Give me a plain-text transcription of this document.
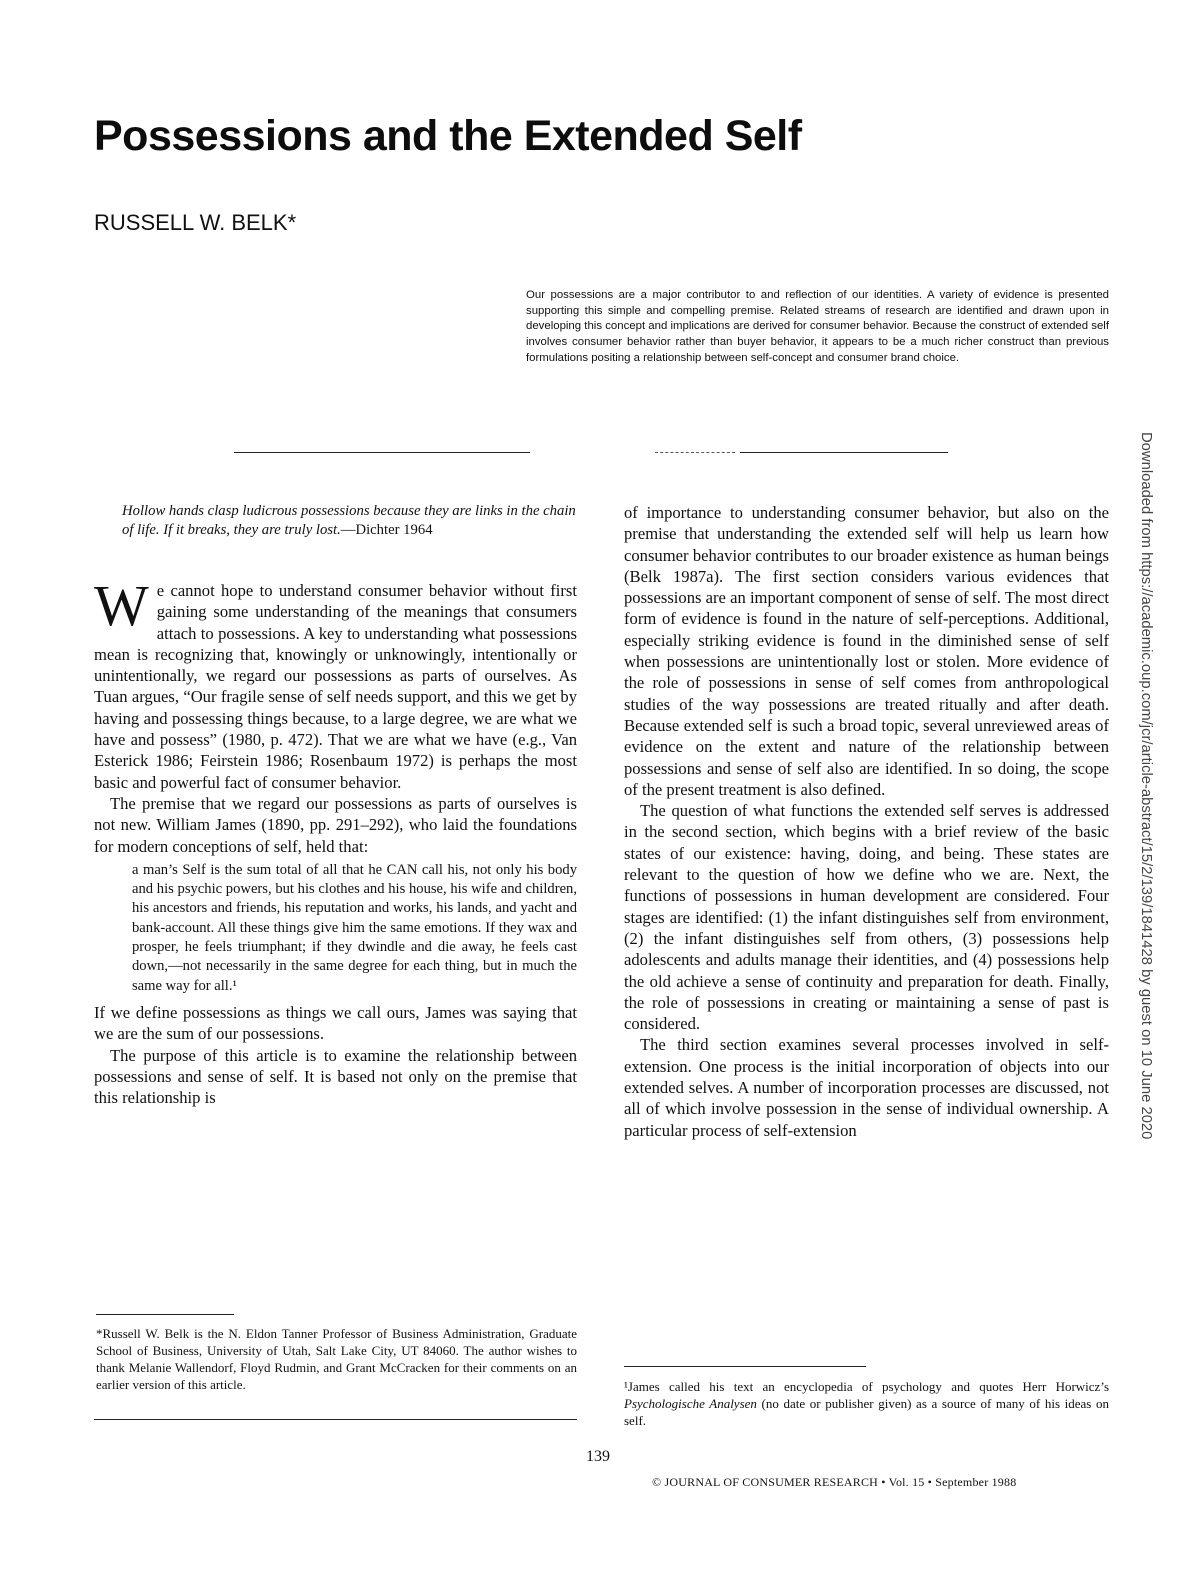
Possessions and the Extended Self
RUSSELL W. BELK*

Our possessions are a major contributor to and reflection of our identities. A variety of evidence is presented supporting this simple and compelling premise. Related streams of research are identified and drawn upon in developing this concept and implications are derived for consumer behavior. Because the construct of extended self involves consumer behavior rather than buyer behavior, it appears to be a much richer construct than previous formulations positing a relationship between self-concept and consumer brand choice.

Hollow hands clasp ludicrous possessions because they are links in the chain of life. If it breaks, they are truly lost.—Dichter 1964

We cannot hope to understand consumer behavior without first gaining some understanding of the meanings that consumers attach to possessions. A key to understanding what possessions mean is recognizing that, knowingly or unknowingly, intentionally or unintentionally, we regard our possessions as parts of ourselves. As Tuan argues, “Our fragile sense of self needs support, and this we get by having and possessing things because, to a large degree, we are what we have and possess” (1980, p. 472). That we are what we have (e.g., Van Esterick 1986; Feirstein 1986; Rosenbaum 1972) is perhaps the most basic and powerful fact of consumer behavior.

The premise that we regard our possessions as parts of ourselves is not new. William James (1890, pp. 291–292), who laid the foundations for modern conceptions of self, held that:

a man’s Self is the sum total of all that he CAN call his, not only his body and his psychic powers, but his clothes and his house, his wife and children, his ancestors and friends, his reputation and works, his lands, and yacht and bank-account. All these things give him the same emotions. If they wax and prosper, he feels triumphant; if they dwindle and die away, he feels cast down,—not necessarily in the same degree for each thing, but in much the same way for all.¹

If we define possessions as things we call ours, James was saying that we are the sum of our possessions.

The purpose of this article is to examine the relationship between possessions and sense of self. It is based not only on the premise that this relationship is

of importance to understanding consumer behavior, but also on the premise that understanding the extended self will help us learn how consumer behavior contributes to our broader existence as human beings (Belk 1987a). The first section considers various evidences that possessions are an important component of sense of self. The most direct form of evidence is found in the nature of self-perceptions. Additional, especially striking evidence is found in the diminished sense of self when possessions are unintentionally lost or stolen. More evidence of the role of possessions in sense of self comes from anthropological studies of the way possessions are treated ritually and after death. Because extended self is such a broad topic, several unreviewed areas of evidence on the extent and nature of the relationship between possessions and sense of self also are identified. In so doing, the scope of the present treatment is also defined.

The question of what functions the extended self serves is addressed in the second section, which begins with a brief review of the basic states of our existence: having, doing, and being. These states are relevant to the question of how we define who we are. Next, the functions of possessions in human development are considered. Four stages are identified: (1) the infant distinguishes self from environment, (2) the infant distinguishes self from others, (3) possessions help adolescents and adults manage their identities, and (4) possessions help the old achieve a sense of continuity and preparation for death. Finally, the role of possessions in creating or maintaining a sense of past is considered.

The third section examines several processes involved in self-extension. One process is the initial incorporation of objects into our extended selves. A number of incorporation processes are discussed, not all of which involve possession in the sense of individual ownership. A particular process of self-extension

*Russell W. Belk is the N. Eldon Tanner Professor of Business Administration, Graduate School of Business, University of Utah, Salt Lake City, UT 84060. The author wishes to thank Melanie Wallendorf, Floyd Rudmin, and Grant McCracken for their comments on an earlier version of this article.	¹James called his text an encyclopedia of psychology and quotes Herr Horwicz’s Psychologische Analysen (no date or publisher given) as a source of many of his ideas on self.

139

© JOURNAL OF CONSUMER RESEARCH • Vol. 15 • September 1988

Downloaded from https://academic.oup.com/jcr/article-abstract/15/2/139/1841428 by guest on 10 June 2020
